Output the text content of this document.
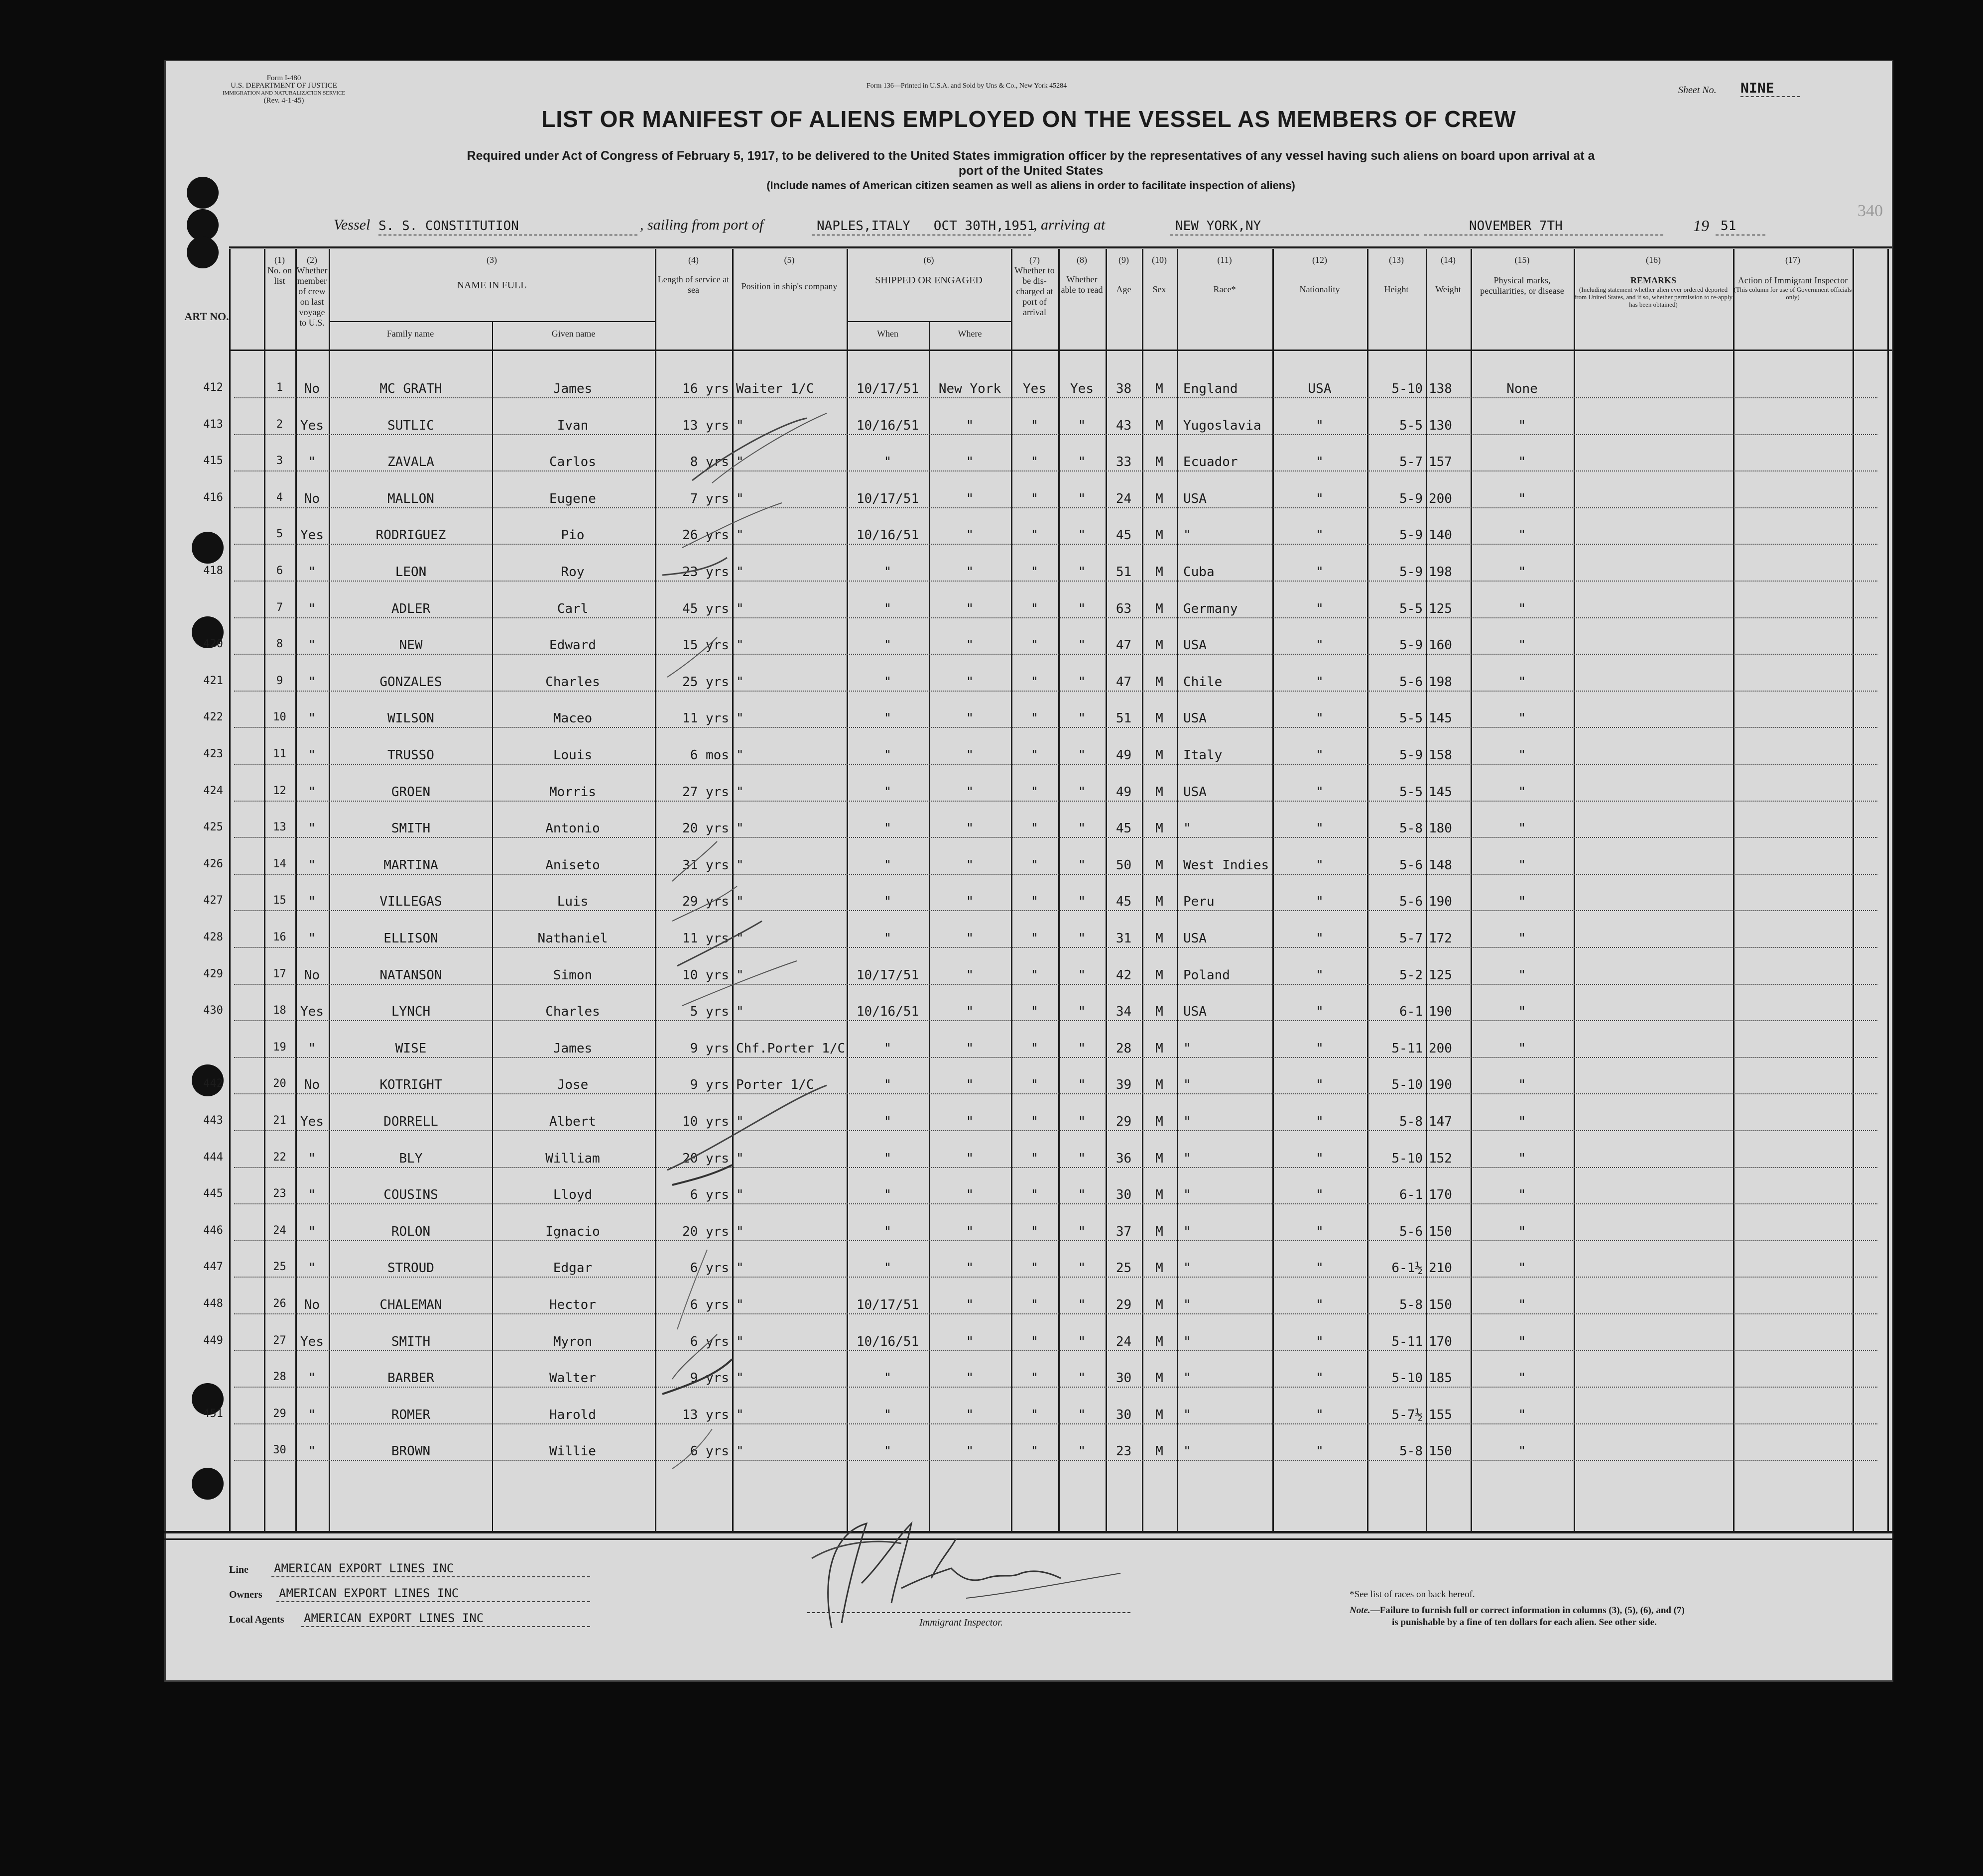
Form I-480
U.S. DEPARTMENT OF JUSTICE
IMMIGRATION AND NATURALIZATION SERVICE
(Rev. 4-1-45)
Form 136—Printed in U.S.A. and Sold by Uns & Co., New York 45284	Sheet No. NINE
LIST OR MANIFEST OF ALIENS EMPLOYED ON THE VESSEL AS MEMBERS OF CREW
Required under Act of Congress of February 5, 1917, to be delivered to the United States immigration officer by the representatives of any vessel having such aliens on board upon arrival at a
port of the United States
(Include names of American citizen seamen as well as aliens in order to facilitate inspection of aliens)
340
Vessel S. S. CONSTITUTION	, sailing from port of	NAPLES,ITALY   OCT 30TH,1951
, arriving at	NEW YORK,NY	NOVEMBER 7TH	19 51
ART NO.
(1)
No. on list
(2)
Whether member of crew on last voyage to U.S.
(3)
NAME IN FULL
Family name	Given name
(4)
Length of service at sea
(5)
Position in ship's company
(6)
SHIPPED OR ENGAGED
When	Where
(7)
Whether to be dis-charged at port of arrival
(8)
Whether able to read
(9)
Age
(10)
Sex
(11)
Race*
(12)
Nationality
(13)
Height
(14)
Weight
(15)
Physical marks, peculiarities, or disease
(16)
REMARKS
(Including statement whether alien ever ordered deported from United States, and if so, whether permission to re-apply has been obtained)
(17)
Action of Immigrant Inspector
(This column for use of Government officials only)
412	1	No	MC GRATH	James	16 yrs Waiter 1/C	10/17/51	New York	Yes	Yes	38	M	England	USA	5-10 138	None
413	2	Yes	SUTLIC	Ivan	13 yrs "	10/16/51	"	"	"	43	M	Yugoslavia	"	5-5 130	"
415	3	"	ZAVALA	Carlos	8 yrs "	"	"	"	"	33	M	Ecuador	"	5-7 157	"
416	4	No	MALLON	Eugene	7 yrs "	10/17/51	"	"	"	24	M	USA	"	5-9 200	"
5	Yes	RODRIGUEZ	Pio	26 yrs "	10/16/51	"	"	"	45	M	"	"	5-9 140	"
418	6	"	LEON	Roy	23 yrs "	"	"	"	"	51	M	Cuba	"	5-9 198	"
7	"	ADLER	Carl	45 yrs "	"	"	"	"	63	M	Germany	"	5-5 125	"
420	8	"	NEW	Edward	15 yrs "	"	"	"	"	47	M	USA	"	5-9 160	"
421	9	"	GONZALES	Charles	25 yrs "	"	"	"	"	47	M	Chile	"	5-6 198	"
422	10	"	WILSON	Maceo	11 yrs "	"	"	"	"	51	M	USA	"	5-5 145	"
423	11	"	TRUSSO	Louis	6 mos "	"	"	"	"	49	M	Italy	"	5-9 158	"
424	12	"	GROEN	Morris	27 yrs "	"	"	"	"	49	M	USA	"	5-5 145	"
425	13	"	SMITH	Antonio	20 yrs "	"	"	"	"	45	M	"	"	5-8 180	"
426	14	"	MARTINA	Aniseto	31 yrs "	"	"	"	"	50	M	West Indies	"	5-6 148	"
427	15	"	VILLEGAS	Luis	29 yrs "	"	"	"	"	45	M	Peru	"	5-6 190	"
428	16	"	ELLISON	Nathaniel	11 yrs "	"	"	"	"	31	M	USA	"	5-7 172	"
429	17	No	NATANSON	Simon	10 yrs "	10/17/51	"	"	"	42	M	Poland	"	5-2 125	"
430	18	Yes	LYNCH	Charles	5 yrs "	10/16/51	"	"	"	34	M	USA	"	6-1 190	"
19	"	WISE	James	9 yrs Chf.Porter 1/C	"	"	"	"	28	M	"	"	5-11 200	"
442	20	No	KOTRIGHT	Jose	9 yrs Porter 1/C	"	"	"	"	39	M	"	"	5-10 190	"
443	21	Yes	DORRELL	Albert	10 yrs "	"	"	"	"	29	M	"	"	5-8 147	"
444	22	"	BLY	William	20 yrs "	"	"	"	"	36	M	"	"	5-10 152	"
445	23	"	COUSINS	Lloyd	6 yrs "	"	"	"	"	30	M	"	"	6-1 170	"
446	24	"	ROLON	Ignacio	20 yrs "	"	"	"	"	37	M	"	"	5-6 150	"
447	25	"	STROUD	Edgar	6 yrs "	"	"	"	"	25	M	"	"	6-1½ 210	"
448	26	No	CHALEMAN	Hector	6 yrs "	10/17/51	"	"	"	29	M	"	"	5-8 150	"
449	27	Yes	SMITH	Myron	6 yrs "	10/16/51	"	"	"	24	M	"	"	5-11 170	"
28	"	BARBER	Walter	9 yrs "	"	"	"	"	30	M	"	"	5-10 185	"
451	29	"	ROMER	Harold	13 yrs "	"	"	"	"	30	M	"	"	5-7½ 155	"
30	"	BROWN	Willie	6 yrs "	"	"	"	"	23	M	"	"	5-8 150	"
Line AMERICAN EXPORT LINES INC
Owners AMERICAN EXPORT LINES INC
Local Agents AMERICAN EXPORT LINES INC	Immigrant Inspector.
*See list of races on back hereof.
Note.—Failure to furnish full or correct information in columns (3), (5), (6), and (7)
is punishable by a fine of ten dollars for each alien. See other side.
